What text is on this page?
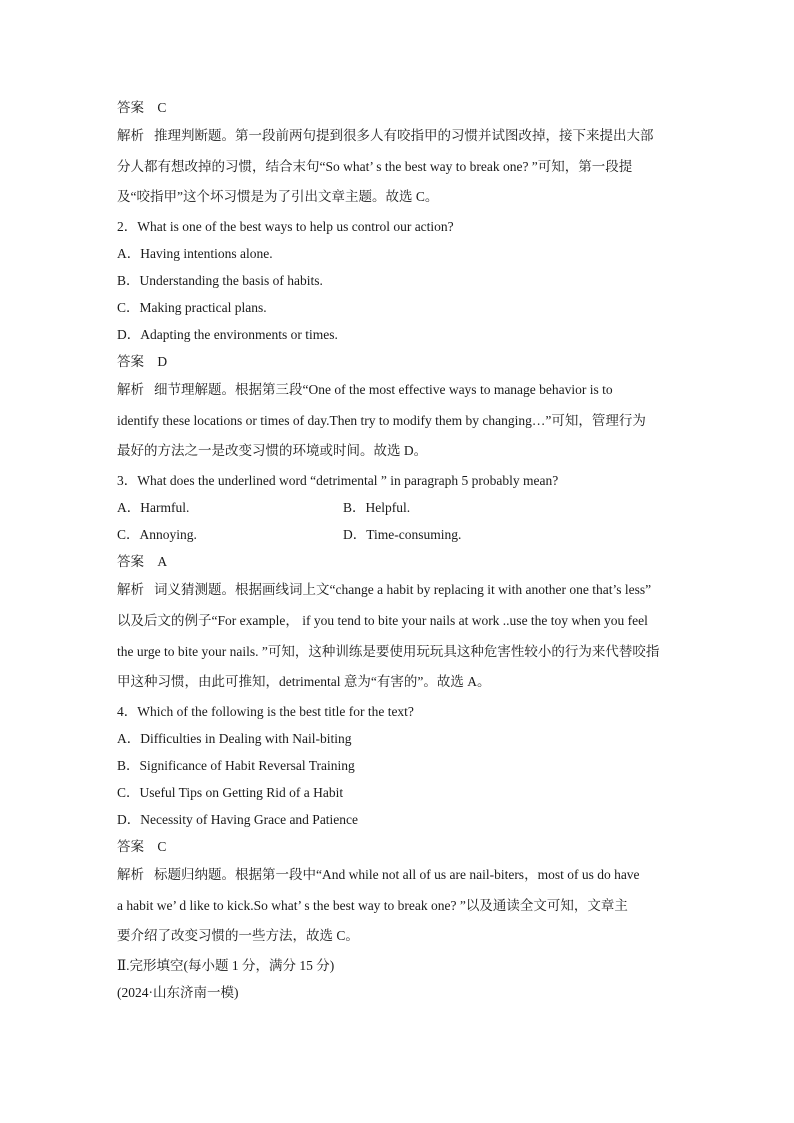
答案 C
解析 推理判断题。第一段前两句提到很多人有咬指甲的习惯并试图改掉，接下来提出大部
分人都有想改掉的习惯，结合末句“So what’ s the best way to break one? ”可知，第一段提
及“咬指甲”这个坏习惯是为了引出文章主题。故选 C。
2．What is one of the best ways to help us control our action?
A．Having intentions alone.
B．Understanding the basis of habits.
C．Making practical plans.
D．Adapting the environments or times.
答案 D
解析 细节理解题。根据第三段“One of the most effective ways to manage behavior is to
identify these locations or times of day.Then try to modify them by changing…”可知，管理行为
最好的方法之一是改变习惯的环境或时间。故选 D。
3．What does the underlined word “detrimental ” in paragraph 5 probably mean?
A．Harmful.	B．Helpful.
C．Annoying.	D．Time-consuming.
答案 A
解析 词义猜测题。根据画线词上文“change a habit by replacing it with another one that’s less”
以及后文的例子“For example， if you tend to bite your nails at work ..use the toy when you feel
the urge to bite your nails. ”可知，这种训练是要使用玩玩具这种危害性较小的行为来代替咬指
甲这种习惯，由此可推知，detrimental 意为“有害的”。故选 A。
4．Which of the following is the best title for the text?
A．Difficulties in Dealing with Nail-biting
B．Significance of Habit Reversal Training
C．Useful Tips on Getting Rid of a Habit
D．Necessity of Having Grace and Patience
答案 C
解析 标题归纳题。根据第一段中“And while not all of us are nail-biters，most of us do have
a habit we’ d like to kick.So what’ s the best way to break one? ”以及通读全文可知，文章主
要介绍了改变习惯的一些方法，故选 C。
Ⅱ.完形填空(每小题 1 分，满分 15 分)
(2024·山东济南一模)
